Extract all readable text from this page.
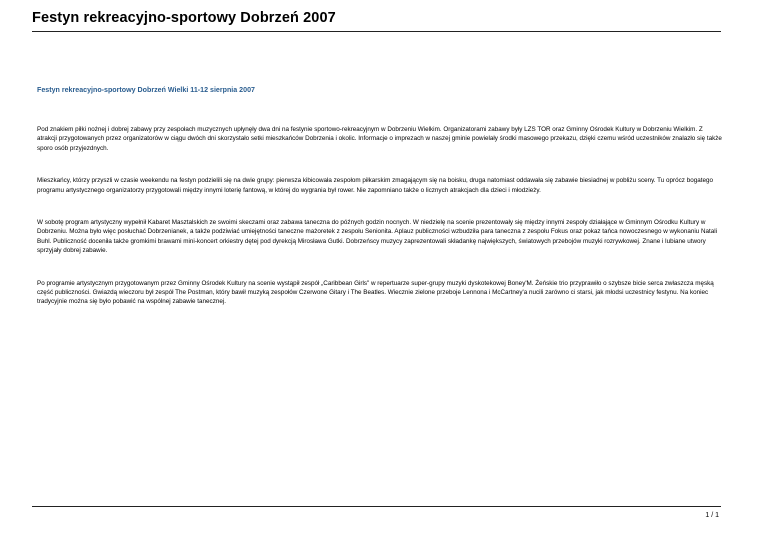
Festyn rekreacyjno-sportowy Dobrzeń 2007
Festyn rekreacyjno-sportowy Dobrzeń Wielki 11-12 sierpnia 2007

Pod znakiem piłki nożnej i dobrej zabawy przy zespołach muzycznych upłynęły dwa dni na festynie sportowo-rekreacyjnym w Dobrzeniu Wielkim. Organizatorami zabawy były LZS TOR oraz Gminny Ośrodek Kultury w Dobrzeniu Wielkim. Z atrakcji przygotowanych przez organizatorów w ciągu dwóch dni skorzystało setki mieszkańców Dobrzenia i okolic. Informacje o imprezach w naszej gminie powielały środki masowego przekazu, dzięki czemu wśród uczestników znalazło się także sporo osób przyjezdnych.

Mieszkańcy, którzy przyszli w czasie weekendu na festyn podzielili się na dwie grupy: pierwsza kibicowała zespołom piłkarskim zmagającym się na boisku, druga natomiast oddawała się zabawie biesiadnej w pobliżu sceny. Tu oprócz bogatego programu artystycznego organizatorzy przygotowali między innymi loterię fantową, w której do wygrania był rower. Nie zapomniano także o licznych atrakcjach dla dzieci i młodzieży.

W sobotę program artystyczny wypełnił Kabaret Masztalskich ze swoimi skeczami oraz zabawa taneczna do późnych godzin nocnych. W niedzielę na scenie prezentowały się między innymi zespoły działające w Gminnym Ośrodku Kultury w Dobrzeniu. Można było więc posłuchać Dobrzenianek, a także podziwiać umiejętności taneczne mażoretek z zespołu Senionita. Aplauz publiczności wzbudziła para taneczna z zespołu Fokus oraz pokaz tańca nowoczesnego w wykonaniu Natali Buhl. Publiczność doceniła także gromkimi brawami mini-koncert orkiestry dętej pod dyrekcją Mirosława Gutki. Dobrzeńscy muzycy zaprezentowali składankę największych, światowych przebojów muzyki rozrywkowej. Znane i lubiane utwory sprzyjały dobrej zabawie.

Po programie artystycznym przygotowanym przez Gminny Ośrodek Kultury na scenie wystąpił zespół „Caribbean Girls" w repertuarze super-grupy muzyki dyskotekowej Boney'M. Żeńskie trio przyprawiło o szybsze bicie serca zwłaszcza męską część publiczności. Gwiazdą wieczoru był zespół The Postman, który bawił muzyką zespołów Czerwone Gitary i The Beatles. Wiecznie zielone przeboje Lennona i McCartney'a nucili zarówno ci starsi, jak młodsi uczestnicy festynu. Na koniec tradycyjnie można się było pobawić na wspólnej zabawie tanecznej.

1 / 1
